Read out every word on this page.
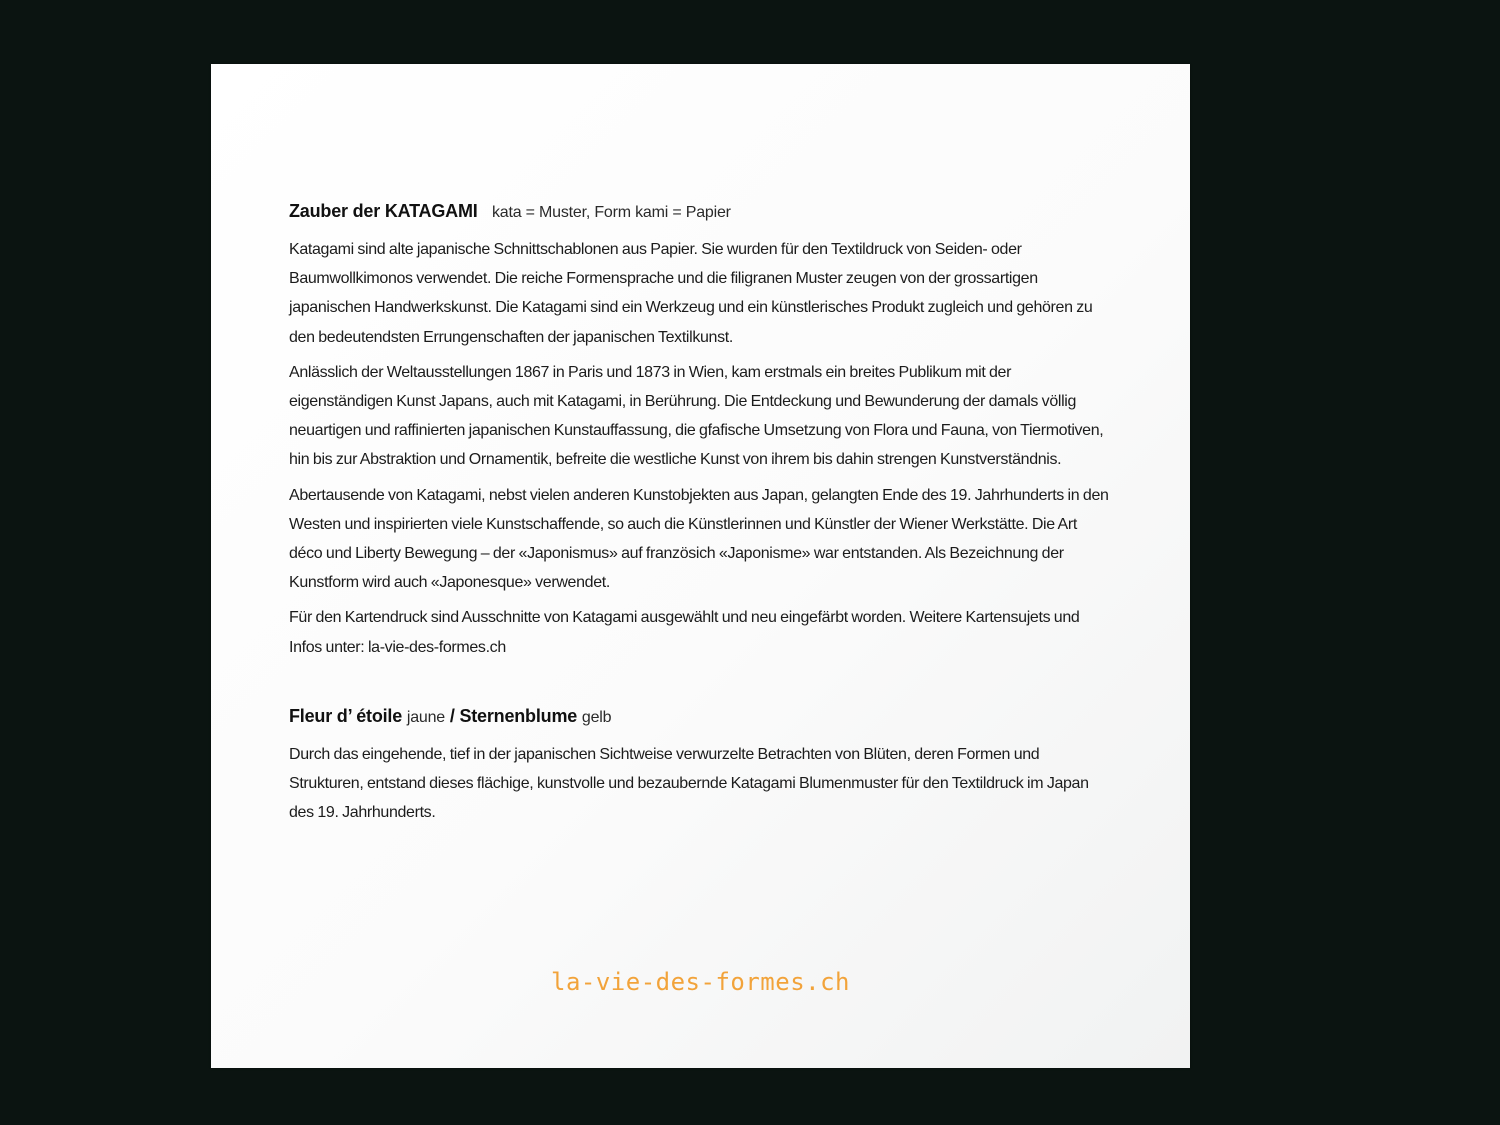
Zauber der KATAGAMI kata = Muster, Form kami = Papier

Katagami sind alte japanische Schnittschablonen aus Papier. Sie wurden für den Textildruck von Seiden- oder Baumwollkimonos verwendet. Die reiche Formensprache und die filigranen Muster zeugen von der grossartigen japanischen Handwerkskunst. Die Katagami sind ein Werkzeug und ein künstlerisches Produkt zugleich und gehören zu den bedeutendsten Errungenschaften der japanischen Textilkunst.

Anlässlich der Weltausstellungen 1867 in Paris und 1873 in Wien, kam erstmals ein breites Publikum mit der eigenständigen Kunst Japans, auch mit Katagami, in Berührung. Die Entdeckung und Bewunderung der damals völlig neuartigen und raffinierten japanischen Kunstauffassung, die gfafische Umsetzung von Flora und Fauna, von Tiermotiven, hin bis zur Abstraktion und Ornamentik, befreite die westliche Kunst von ihrem bis dahin strengen Kunstverständnis.

Abertausende von Katagami, nebst vielen anderen Kunstobjekten aus Japan, gelangten Ende des 19. Jahrhunderts in den Westen und inspirierten viele Kunstschaffende, so auch die Künstlerinnen und Künstler der Wiener Werkstätte. Die Art déco und Liberty Bewegung – der «Japonismus» auf französich «Japonisme» war entstanden. Als Bezeichnung der Kunstform wird auch «Japonesque» verwendet.

Für den Kartendruck sind Ausschnitte von Katagami ausgewählt und neu eingefärbt worden. Weitere Kartensujets und Infos unter: la-vie-des-formes.ch

Fleur d’ étoile jaune / Sternenblume gelb

Durch das eingehende, tief in der japanischen Sichtweise verwurzelte Betrachten von Blüten, deren Formen und Strukturen, entstand dieses flächige, kunstvolle und bezaubernde Katagami Blumenmuster für den Textildruck im Japan des 19. Jahrhunderts.

la-vie-des-formes.ch
